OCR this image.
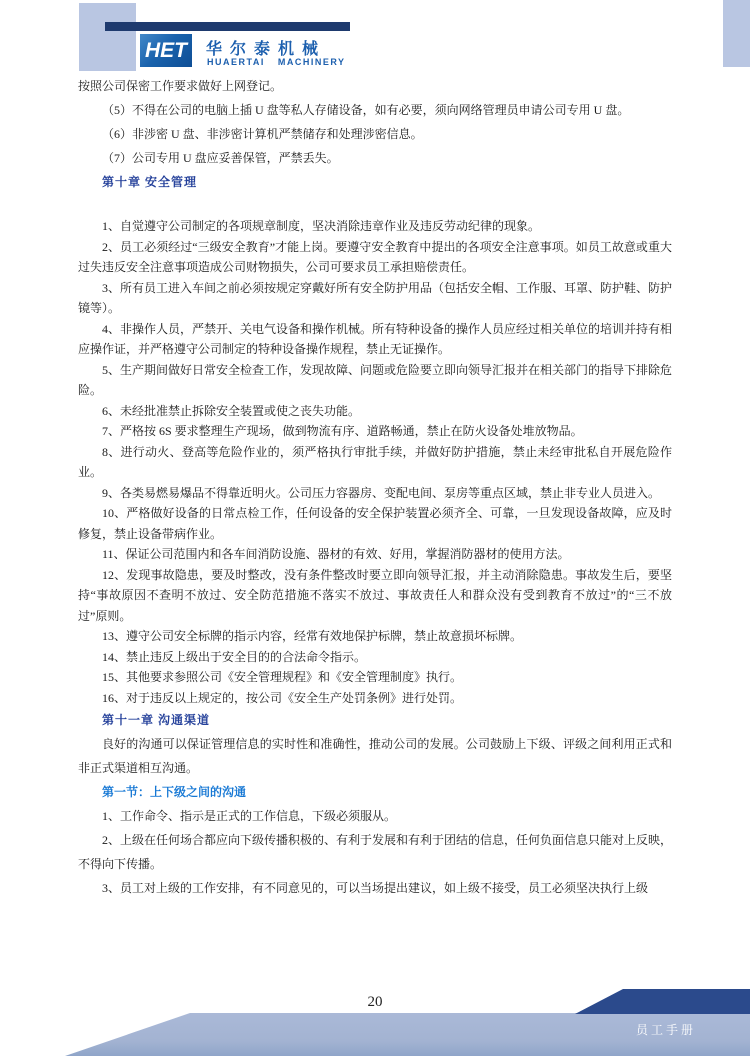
HET 华尔泰机械
HUAERTAI MACHINERY

按照公司保密工作要求做好上网登记。

（5）不得在公司的电脑上插 U 盘等私人存储设备，如有必要，须向网络管理员申请公司专用 U 盘。

（6）非涉密 U 盘、非涉密计算机严禁储存和处理涉密信息。

（7）公司专用 U 盘应妥善保管，严禁丢失。

第十章 安全管理

1、自觉遵守公司制定的各项规章制度，坚决消除违章作业及违反劳动纪律的现象。

2、员工必须经过“三级安全教育”才能上岗。要遵守安全教育中提出的各项安全注意事项。如员工故意或重大过失违反安全注意事项造成公司财物损失，公司可要求员工承担赔偿责任。

3、所有员工进入车间之前必须按规定穿戴好所有安全防护用品（包括安全帽、工作服、耳罩、防护鞋、防护镜等）。

4、非操作人员，严禁开、关电气设备和操作机械。所有特种设备的操作人员应经过相关单位的培训并持有相应操作证，并严格遵守公司制定的特种设备操作规程，禁止无证操作。

5、生产期间做好日常安全检查工作，发现故障、问题或危险要立即向领导汇报并在相关部门的指导下排除危险。

6、未经批准禁止拆除安全装置或使之丧失功能。

7、严格按 6S 要求整理生产现场，做到物流有序、道路畅通，禁止在防火设备处堆放物品。

8、进行动火、登高等危险作业的，须严格执行审批手续，并做好防护措施，禁止未经审批私自开展危险作业。

9、各类易燃易爆品不得靠近明火。公司压力容器房、变配电间、泵房等重点区域，禁止非专业人员进入。

10、严格做好设备的日常点检工作，任何设备的安全保护装置必须齐全、可靠，一旦发现设备故障，应及时修复，禁止设备带病作业。

11、保证公司范围内和各车间消防设施、器材的有效、好用，掌握消防器材的使用方法。

12、发现事故隐患，要及时整改，没有条件整改时要立即向领导汇报，并主动消除隐患。事故发生后，要坚持“事故原因不查明不放过、安全防范措施不落实不放过、事故责任人和群众没有受到教育不放过”的“三不放过”原则。

13、遵守公司安全标牌的指示内容，经常有效地保护标牌，禁止故意损坏标牌。

14、禁止违反上级出于安全目的的合法命令指示。

15、其他要求参照公司《安全管理规程》和《安全管理制度》执行。

16、对于违反以上规定的，按公司《安全生产处罚条例》进行处罚。

第十一章 沟通渠道

良好的沟通可以保证管理信息的实时性和准确性，推动公司的发展。公司鼓励上下级、评级之间利用正式和非正式渠道相互沟通。

第一节：上下级之间的沟通

1、工作命令、指示是正式的工作信息，下级必须服从。

2、上级在任何场合都应向下级传播积极的、有利于发展和有利于团结的信息，任何负面信息只能对上反映，不得向下传播。

3、员工对上级的工作安排，有不同意见的，可以当场提出建议，如上级不接受，员工必须坚决执行上级

20
员工手册
